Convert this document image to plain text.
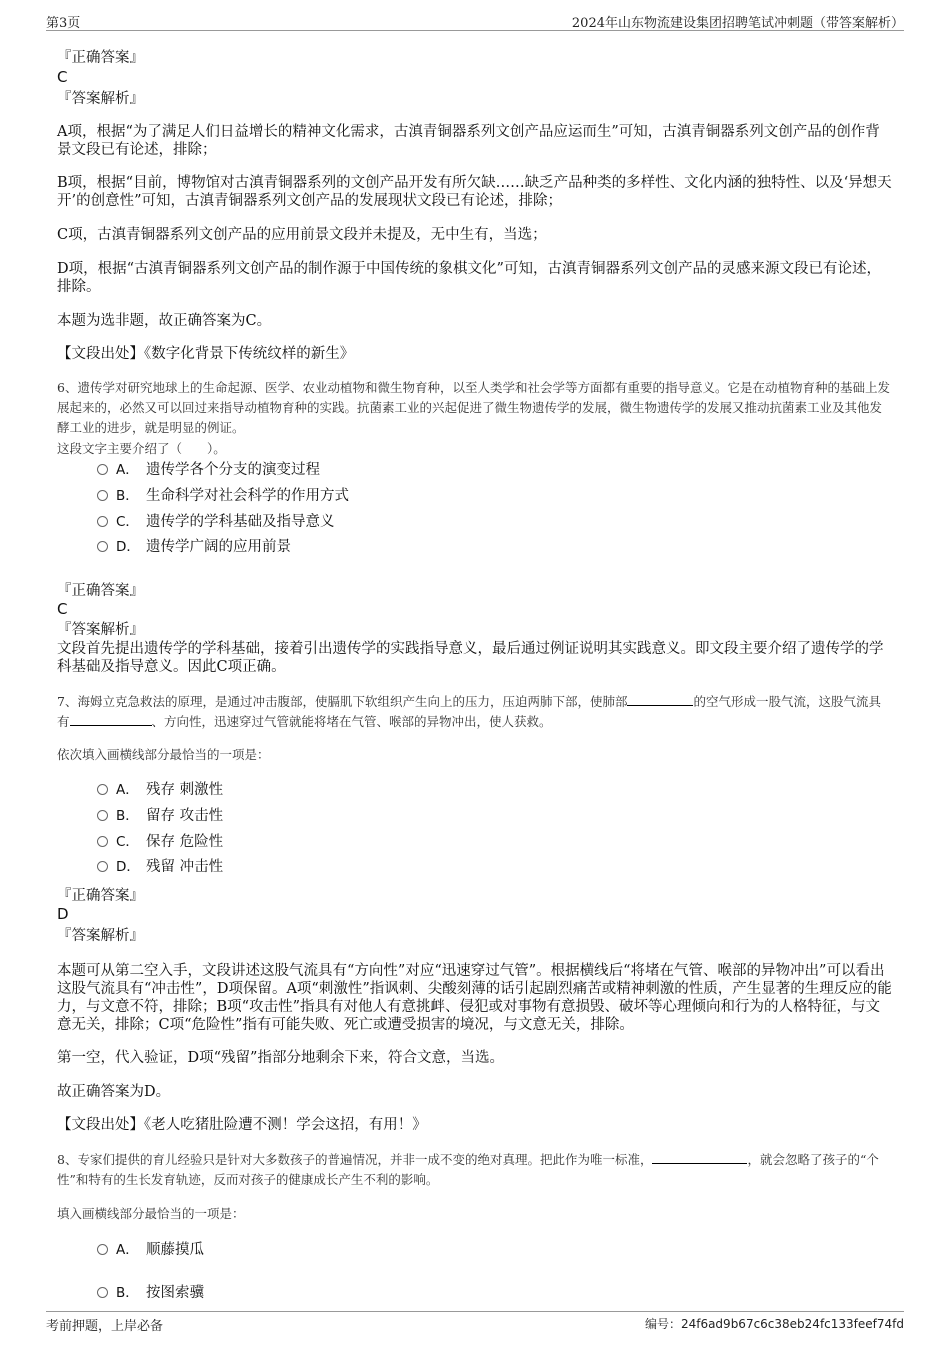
第3页	2024年山东物流建设集团招聘笔试冲刺题（带答案解析）
『正确答案』
C
『答案解析』
A项，根据“为了满足人们日益增长的精神文化需求，古滇青铜器系列文创产品应运而生”可知，古滇青铜器系列文创产品的创作背景文段已有论述，排除；
B项，根据“目前，博物馆对古滇青铜器系列的文创产品开发有所欠缺……缺乏产品种类的多样性、文化内涵的独特性、以及‘异想天开’的创意性”可知，古滇青铜器系列文创产品的发展现状文段已有论述，排除；
C项，古滇青铜器系列文创产品的应用前景文段并未提及，无中生有，当选；
D项，根据“古滇青铜器系列文创产品的制作源于中国传统的象棋文化”可知，古滇青铜器系列文创产品的灵感来源文段已有论述，排除。
本题为选非题，故正确答案为C。
【文段出处】《数字化背景下传统纹样的新生》
6、遗传学对研究地球上的生命起源、医学、农业动植物和微生物育种，以至人类学和社会学等方面都有重要的指导意义。它是在动植物育种的基础上发展起来的，必然又可以回过来指导动植物育种的实践。抗菌素工业的兴起促进了微生物遗传学的发展，微生物遗传学的发展又推动抗菌素工业及其他发酵工业的进步，就是明显的例证。
这段文字主要介绍了（　　）。
A． 遗传学各个分支的演变过程
B． 生命科学对社会科学的作用方式
C． 遗传学的学科基础及指导意义
D． 遗传学广阔的应用前景
『正确答案』
C
『答案解析』
文段首先提出遗传学的学科基础，接着引出遗传学的实践指导意义，最后通过例证说明其实践意义。即文段主要介绍了遗传学的学科基础及指导意义。因此C项正确。
7、海姆立克急救法的原理，是通过冲击腹部，使膈肌下软组织产生向上的压力，压迫两肺下部，使肺部	的空气形成一股气流，这股气流具有	、方向性，迅速穿过气管就能将堵在气管、喉部的异物冲出，使人获救。
依次填入画横线部分最恰当的一项是：
A． 残存 刺激性
B． 留存 攻击性
C． 保存 危险性
D． 残留 冲击性
『正确答案』
D
『答案解析』
本题可从第二空入手，文段讲述这股气流具有“方向性”对应“迅速穿过气管”。根据横线后“将堵在气管、喉部的异物冲出”可以看出这股气流具有“冲击性”，D项保留。A项“刺激性”指讽刺、尖酸刻薄的话引起剧烈痛苦或精神刺激的性质，产生显著的生理反应的能力，与文意不符，排除；B项“攻击性”指具有对他人有意挑衅、侵犯或对事物有意损毁、破坏等心理倾向和行为的人格特征，与文意无关，排除；C项“危险性”指有可能失败、死亡或遭受损害的境况，与文意无关，排除。
第一空，代入验证，D项“残留”指部分地剩余下来，符合文意，当选。
故正确答案为D。
【文段出处】《老人吃猪肚险遭不测！学会这招，有用！》
8、专家们提供的育儿经验只是针对大多数孩子的普遍情况，并非一成不变的绝对真理。把此作为唯一标准，	，就会忽略了孩子的“个性”和特有的生长发育轨迹，反而对孩子的健康成长产生不利的影响。
填入画横线部分最恰当的一项是：
A． 顺藤摸瓜
B． 按图索骥
考前押题，上岸必备	编号：24f6ad9b67c6c38eb24fc133feef74fd
